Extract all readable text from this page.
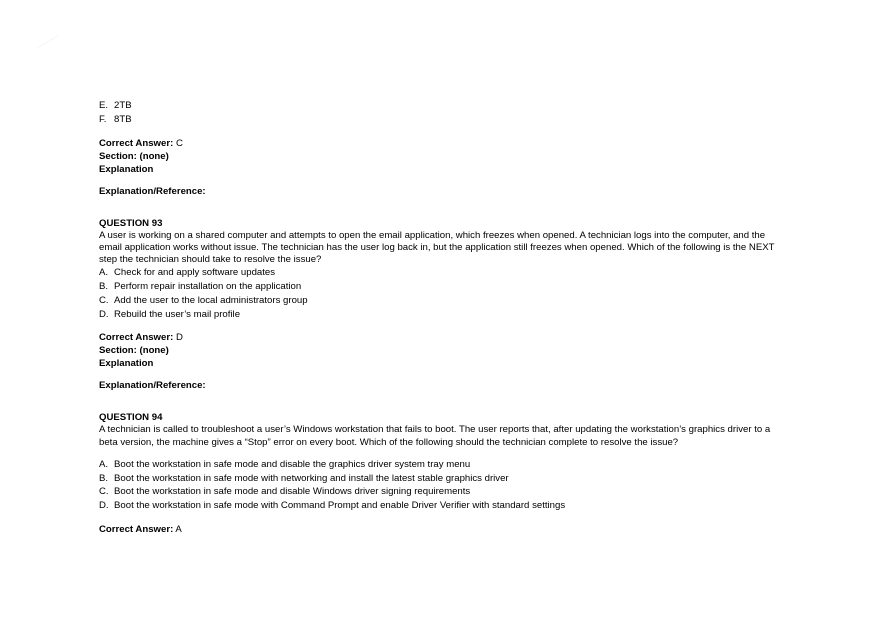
E. 2TB
F. 8TB
Correct Answer: C
Section: (none)
Explanation
Explanation/Reference:
QUESTION 93
A user is working on a shared computer and attempts to open the email application, which freezes when opened. A technician logs into the computer, and the email application works without issue. The technician has the user log back in, but the application still freezes when opened. Which of the following is the NEXT step the technician should take to resolve the issue?
A. Check for and apply software updates
B. Perform repair installation on the application
C. Add the user to the local administrators group
D. Rebuild the user’s mail profile
Correct Answer: D
Section: (none)
Explanation
Explanation/Reference:
QUESTION 94
A technician is called to troubleshoot a user’s Windows workstation that fails to boot. The user reports that, after updating the workstation’s graphics driver to a beta version, the machine gives a “Stop” error on every boot. Which of the following should the technician complete to resolve the issue?
A. Boot the workstation in safe mode and disable the graphics driver system tray menu
B. Boot the workstation in safe mode with networking and install the latest stable graphics driver
C. Boot the workstation in safe mode and disable Windows driver signing requirements
D. Boot the workstation in safe mode with Command Prompt and enable Driver Verifier with standard settings
Correct Answer: A
